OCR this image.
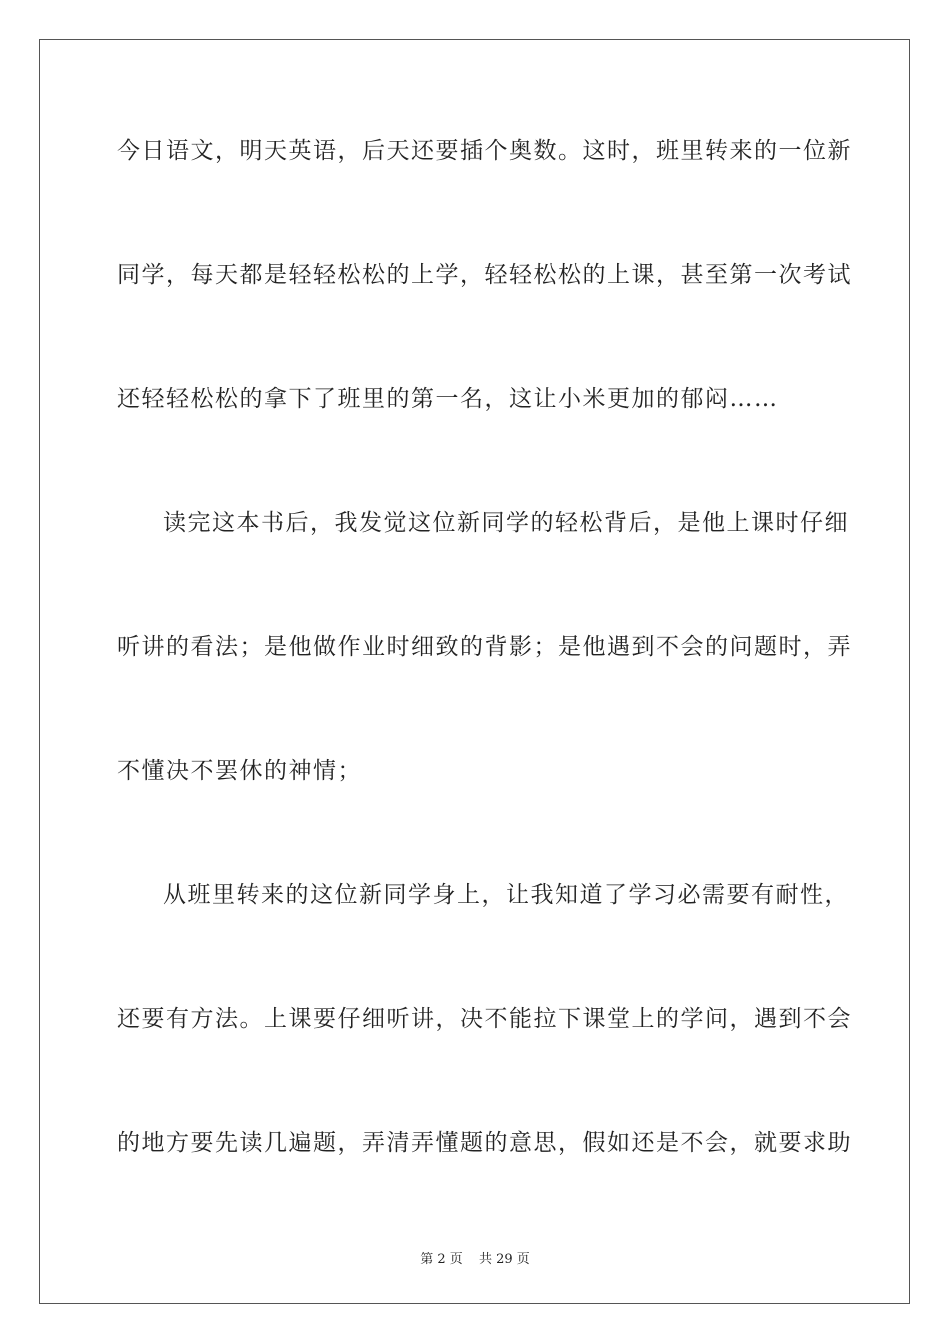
今日语文，明天英语，后天还要插个奥数。这时，班里转来的一位新
同学，每天都是轻轻松松的上学，轻轻松松的上课，甚至第一次考试
还轻轻松松的拿下了班里的第一名，这让小米更加的郁闷……
读完这本书后，我发觉这位新同学的轻松背后，是他上课时仔细
听讲的看法；是他做作业时细致的背影；是他遇到不会的问题时，弄
不懂决不罢休的神情；
从班里转来的这位新同学身上，让我知道了学习必需要有耐性，
还要有方法。上课要仔细听讲，决不能拉下课堂上的学问，遇到不会
的地方要先读几遍题，弄清弄懂题的意思，假如还是不会，就要求助
第 2 页 共 29 页
